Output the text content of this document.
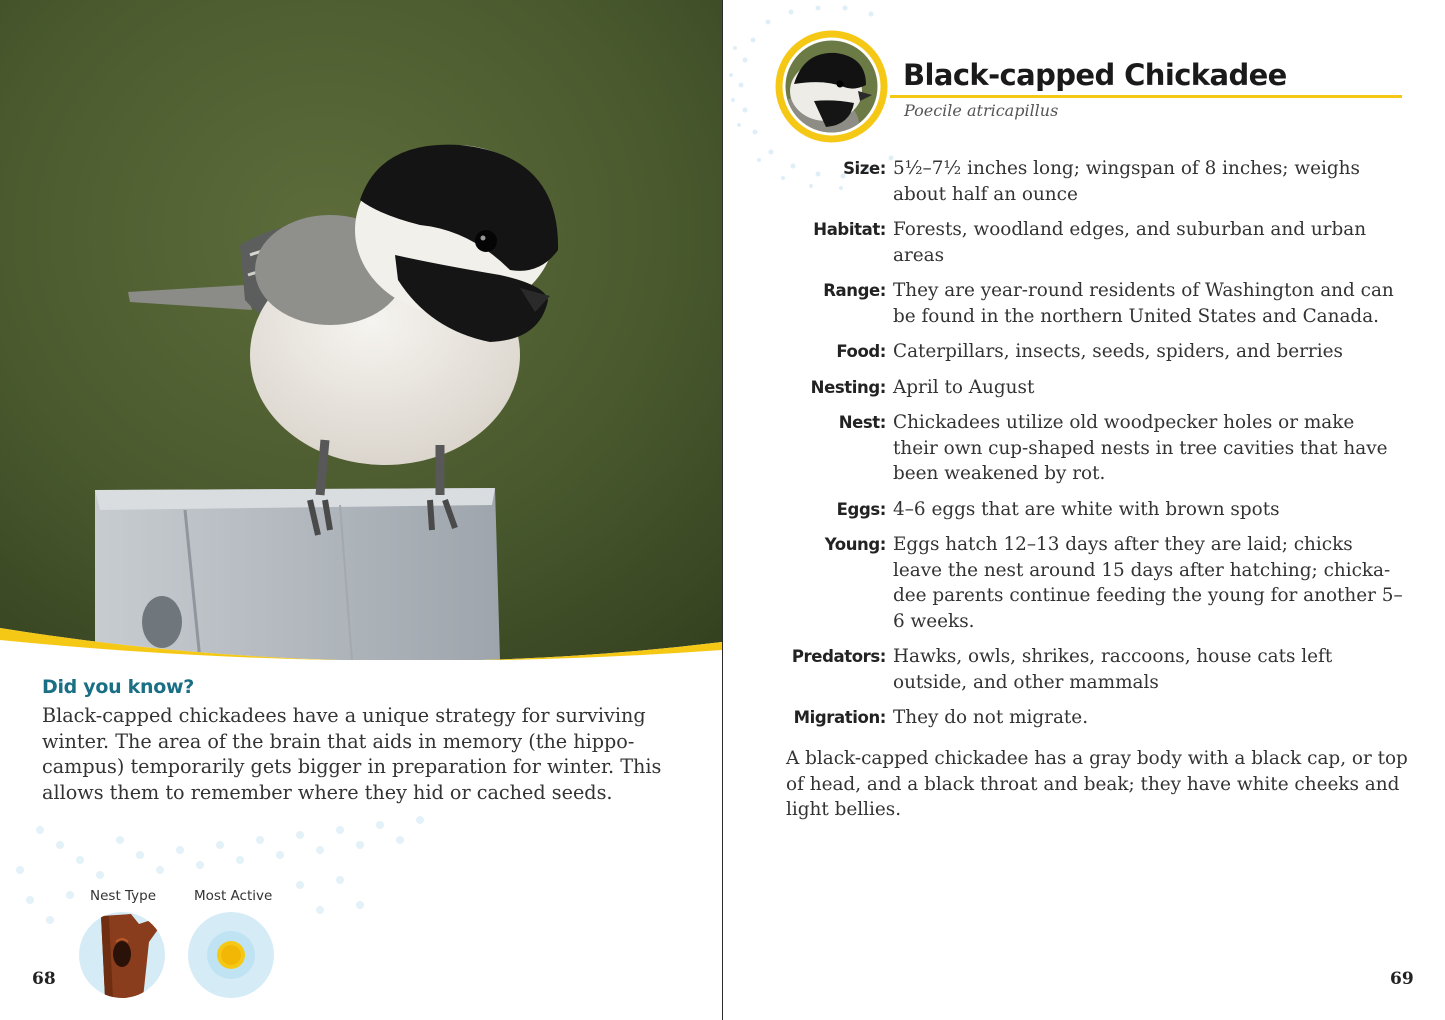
Did you know?
Black-capped chickadees have a unique strategy for surviving winter. The area of the brain that aids in memory (the hippo-campus) temporarily gets bigger in preparation for winter. This allows them to remember where they hid or cached seeds.
Nest Type	Most Active
68
Black-capped Chickadee
Poecile atricapillus
Size: 5½–7½ inches long; wingspan of 8 inches; weighs about half an ounce
Habitat: Forests, woodland edges, and suburban and urban areas
Range: They are year-round residents of Washington and can be found in the northern United States and Canada.
Food: Caterpillars, insects, seeds, spiders, and berries
Nesting: April to August
Nest: Chickadees utilize old woodpecker holes or make their own cup-shaped nests in tree cavities that have been weakened by rot.
Eggs: 4–6 eggs that are white with brown spots
Young: Eggs hatch 12–13 days after they are laid; chicks leave the nest around 15 days after hatching; chicka-dee parents continue feeding the young for another 5–6 weeks.
Predators: Hawks, owls, shrikes, raccoons, house cats left outside, and other mammals
Migration: They do not migrate.
A black-capped chickadee has a gray body with a black cap, or top of head, and a black throat and beak; they have white cheeks and light bellies.
69
